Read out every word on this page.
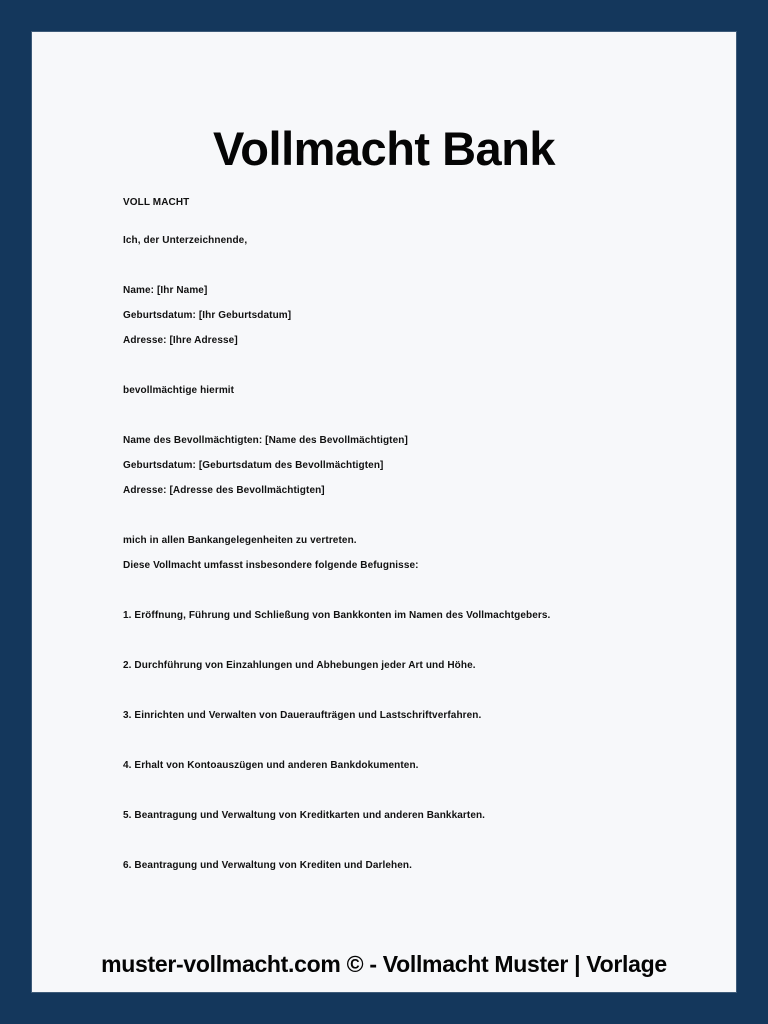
Vollmacht Bank
VOLL MACHT
Ich, der Unterzeichnende,
Name: [Ihr Name]
Geburtsdatum: [Ihr Geburtsdatum]
Adresse: [Ihre Adresse]
bevollmächtige hiermit
Name des Bevollmächtigten: [Name des Bevollmächtigten]
Geburtsdatum: [Geburtsdatum des Bevollmächtigten]
Adresse: [Adresse des Bevollmächtigten]
mich in allen Bankangelegenheiten zu vertreten.
Diese Vollmacht umfasst insbesondere folgende Befugnisse:
1. Eröffnung, Führung und Schließung von Bankkonten im Namen des Vollmachtgebers.
2. Durchführung von Einzahlungen und Abhebungen jeder Art und Höhe.
3. Einrichten und Verwalten von Daueraufträgen und Lastschriftverfahren.
4. Erhalt von Kontoauszügen und anderen Bankdokumenten.
5. Beantragung und Verwaltung von Kreditkarten und anderen Bankkarten.
6. Beantragung und Verwaltung von Krediten und Darlehen.
muster-vollmacht.com © - Vollmacht Muster | Vorlage
